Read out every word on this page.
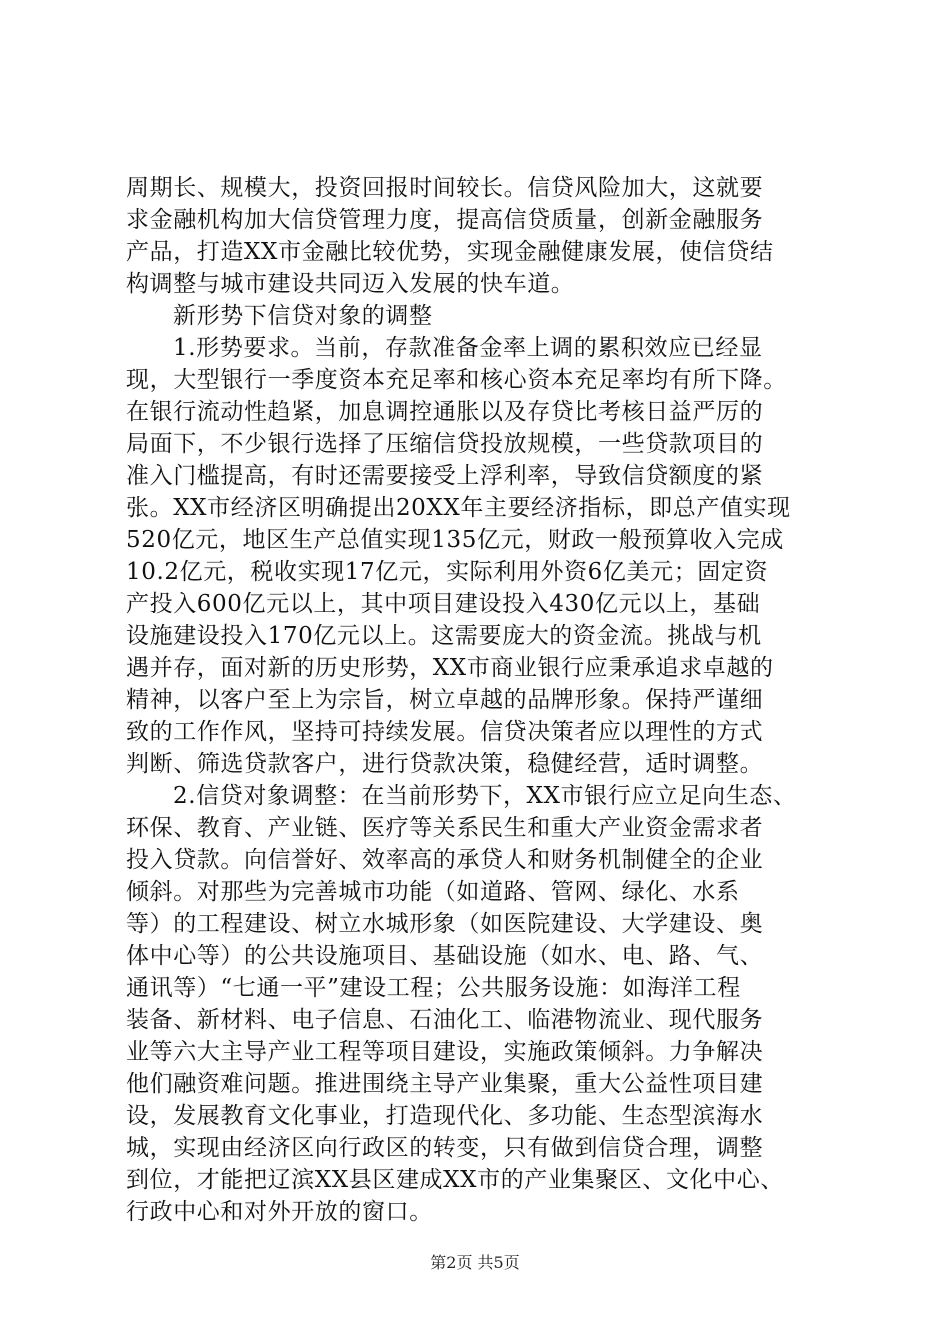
周期长、规模大，投资回报时间较长。信贷风险加大，这就要
求金融机构加大信贷管理力度，提高信贷质量，创新金融服务
产品，打造XX市金融比较优势，实现金融健康发展，使信贷结
构调整与城市建设共同迈入发展的快车道。
新形势下信贷对象的调整
1.形势要求。当前，存款准备金率上调的累积效应已经显
现，大型银行一季度资本充足率和核心资本充足率均有所下降。
在银行流动性趋紧，加息调控通胀以及存贷比考核日益严厉的
局面下，不少银行选择了压缩信贷投放规模，一些贷款项目的
准入门槛提高，有时还需要接受上浮利率，导致信贷额度的紧
张。XX市经济区明确提出20XX年主要经济指标，即总产值实现
520亿元，地区生产总值实现135亿元，财政一般预算收入完成
10.2亿元，税收实现17亿元，实际利用外资6亿美元；固定资
产投入600亿元以上，其中项目建设投入430亿元以上，基础
设施建设投入170亿元以上。这需要庞大的资金流。挑战与机
遇并存，面对新的历史形势，XX市商业银行应秉承追求卓越的
精神，以客户至上为宗旨，树立卓越的品牌形象。保持严谨细
致的工作作风，坚持可持续发展。信贷决策者应以理性的方式
判断、筛选贷款客户，进行贷款决策，稳健经营，适时调整。
2.信贷对象调整：在当前形势下，XX市银行应立足向生态、
环保、教育、产业链、医疗等关系民生和重大产业资金需求者
投入贷款。向信誉好、效率高的承贷人和财务机制健全的企业
倾斜。对那些为完善城市功能（如道路、管网、绿化、水系
等）的工程建设、树立水城形象（如医院建设、大学建设、奥
体中心等）的公共设施项目、基础设施（如水、电、路、气、
通讯等）“七通一平”建设工程；公共服务设施：如海洋工程
装备、新材料、电子信息、石油化工、临港物流业、现代服务
业等六大主导产业工程等项目建设，实施政策倾斜。力争解决
他们融资难问题。推进围绕主导产业集聚，重大公益性项目建
设，发展教育文化事业，打造现代化、多功能、生态型滨海水
城，实现由经济区向行政区的转变，只有做到信贷合理，调整
到位，才能把辽滨XX县区建成XX市的产业集聚区、文化中心、
行政中心和对外开放的窗口。
第2页 共5页
